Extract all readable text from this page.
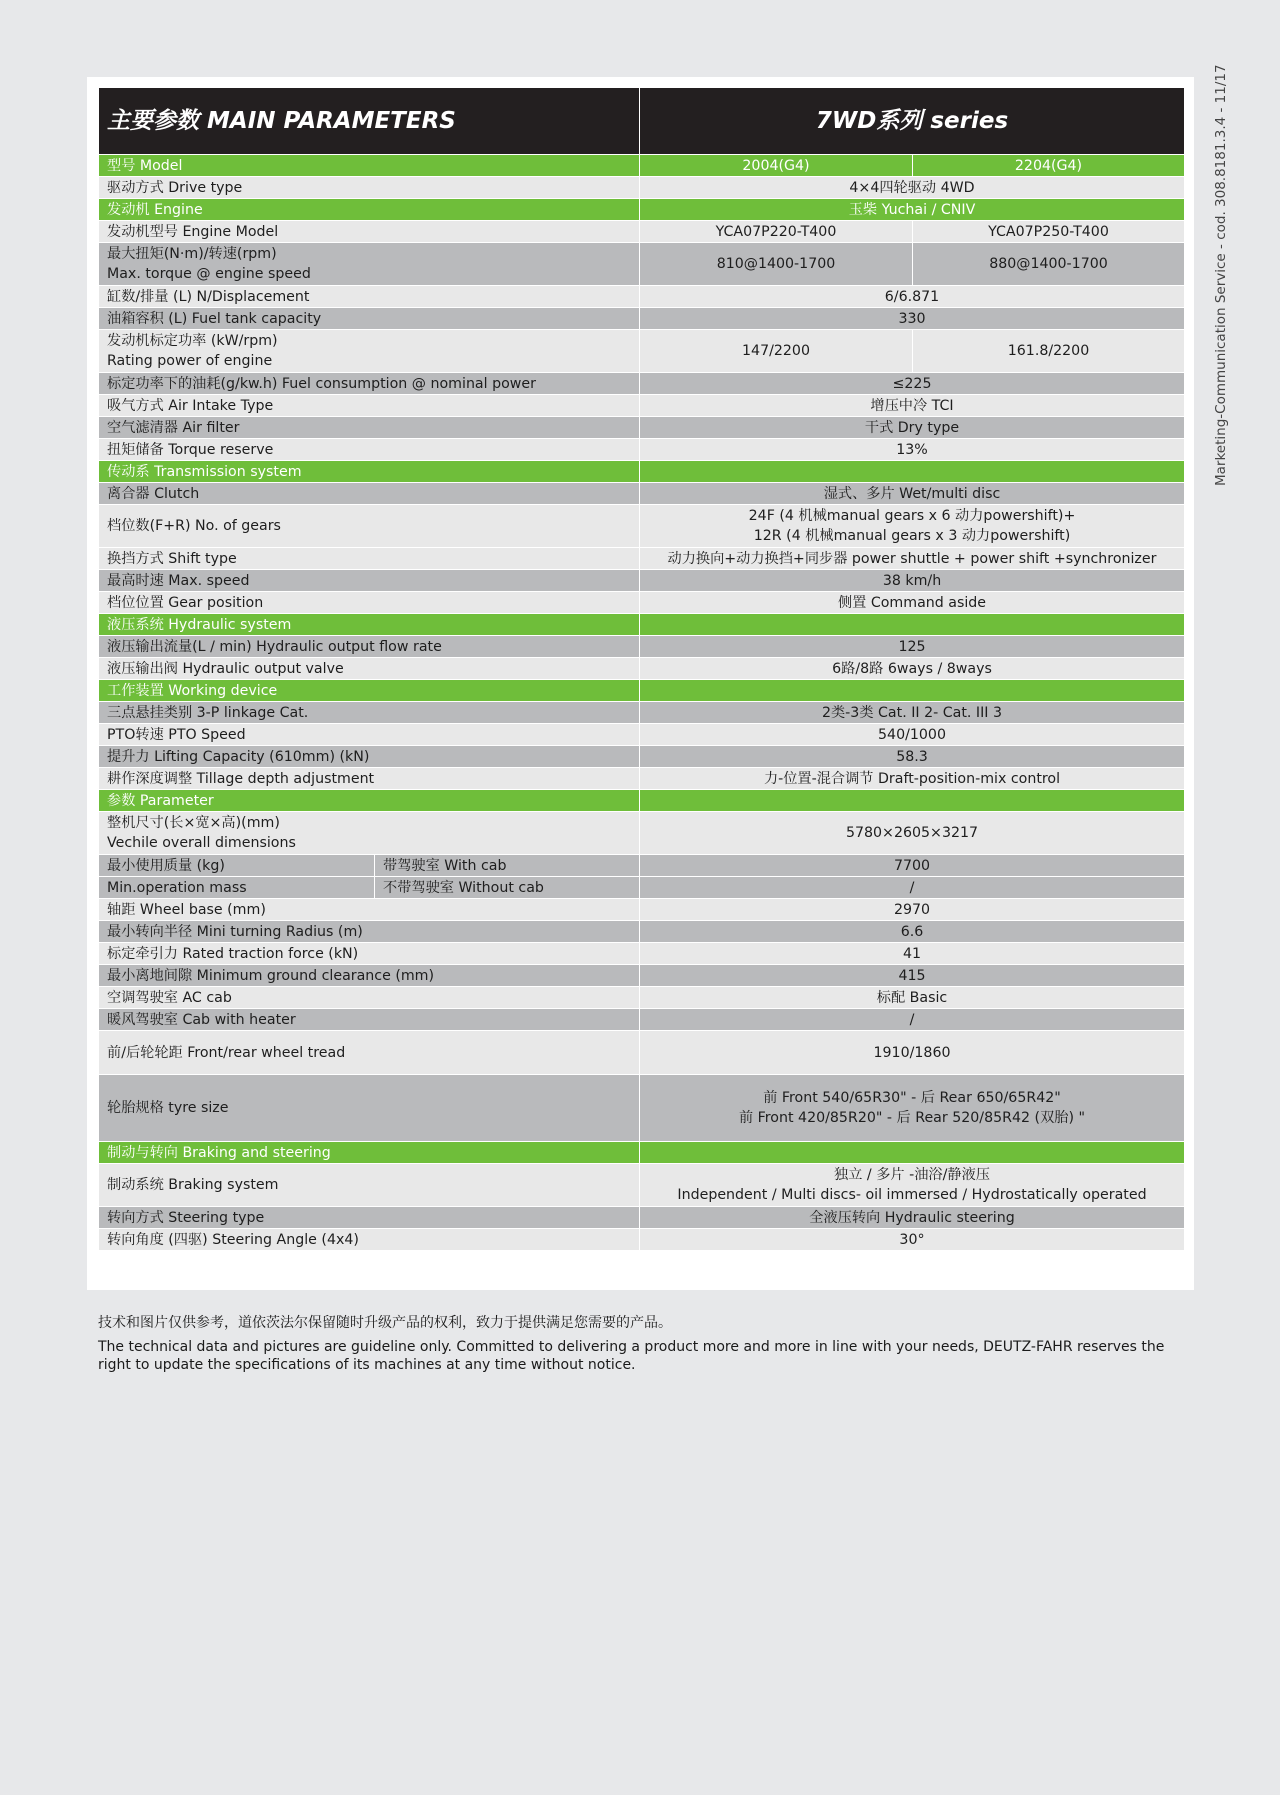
主要参数 MAIN PARAMETERS		7WD系列 series	
型号 Model		2004(G4)	2204(G4)
驱动方式 Drive type		4×4四轮驱动 4WD	
发动机 Engine		玉柴 Yuchai / CNIV	
发动机型号 Engine Model		YCA07P220-T400	YCA07P250-T400

最大扭矩(N·m)/转速(rpm)
Max. torque @ engine speed		810@1400-1700	880@1400-1700
缸数/排量 (L) N/Displacement		6/6.871	
油箱容积 (L) Fuel tank capacity		330	

发动机标定功率 (kW/rpm)
Rating power of engine		147/2200	161.8/2200
标定功率下的油耗(g/kw.h) Fuel consumption @ nominal power		≤225	
吸气方式 Air Intake Type		增压中冷 TCI	
空气滤清器 Air filter		干式 Dry type	
扭矩储备 Torque reserve		13%	
传动系 Transmission system			
离合器 Clutch		湿式、多片 Wet/multi disc	
档位数(F+R) No. of gears		24F (4 机械manual gears x 6 动力powershift)+
12R (4 机械manual gears x 3 动力powershift)	

换挡方式 Shift type		动力换向+动力换挡+同步器 power shuttle + power shift +synchronizer	
最高时速 Max. speed		38 km/h	
档位位置 Gear position		侧置 Command aside	
液压系统 Hydraulic system			
液压输出流量(L / min) Hydraulic output flow rate		125	
液压输出阀 Hydraulic output valve		6路/8路 6ways / 8ways	
工作装置 Working device			
三点悬挂类别 3-P linkage Cat.		2类-3类 Cat. II 2- Cat. III 3	
PTO转速 PTO Speed		540/1000	
提升力 Lifting Capacity (610mm) (kN)		58.3	
耕作深度调整 Tillage depth adjustment		力-位置-混合调节 Draft-position-mix control	
参数 Parameter			

整机尺寸(长×宽×高)(mm)
Vechile overall dimensions		5780×2605×3217	
最小使用质量 (kg)	带驾驶室 With cab	7700	
Min.operation mass	不带驾驶室 Without cab	/	
轴距 Wheel base (mm)		2970	
最小转向半径 Mini turning Radius (m)		6.6	
标定牵引力 Rated traction force (kN)		41	
最小离地间隙 Minimum ground clearance (mm)		415	
空调驾驶室 AC cab		标配 Basic	
暖风驾驶室 Cab with heater		/	
前/后轮轮距 Front/rear wheel tread		1910/1860	
轮胎规格 tyre size		前 Front 540/65R30" - 后 Rear 650/65R42"
前 Front 420/85R20" - 后 Rear 520/85R42 (双胎) "	

制动与转向 Braking and steering			
制动系统 Braking system		独立 / 多片 -油浴/静液压
Independent / Multi discs- oil immersed / Hydrostatically operated	

转向方式 Steering type		全液压转向 Hydraulic steering	
转向角度 (四驱) Steering Angle (4x4)		30°	
Marketing-Communication Service - cod. 308.8181.3.4 - 11/17
技术和图片仅供参考，道依茨法尔保留随时升级产品的权利，致力于提供满足您需要的产品。
The technical data and pictures are guideline only. Committed to delivering a product more and more in line with your needs, DEUTZ-FAHR reserves the right to update the specifications of its machines at any time without notice.
